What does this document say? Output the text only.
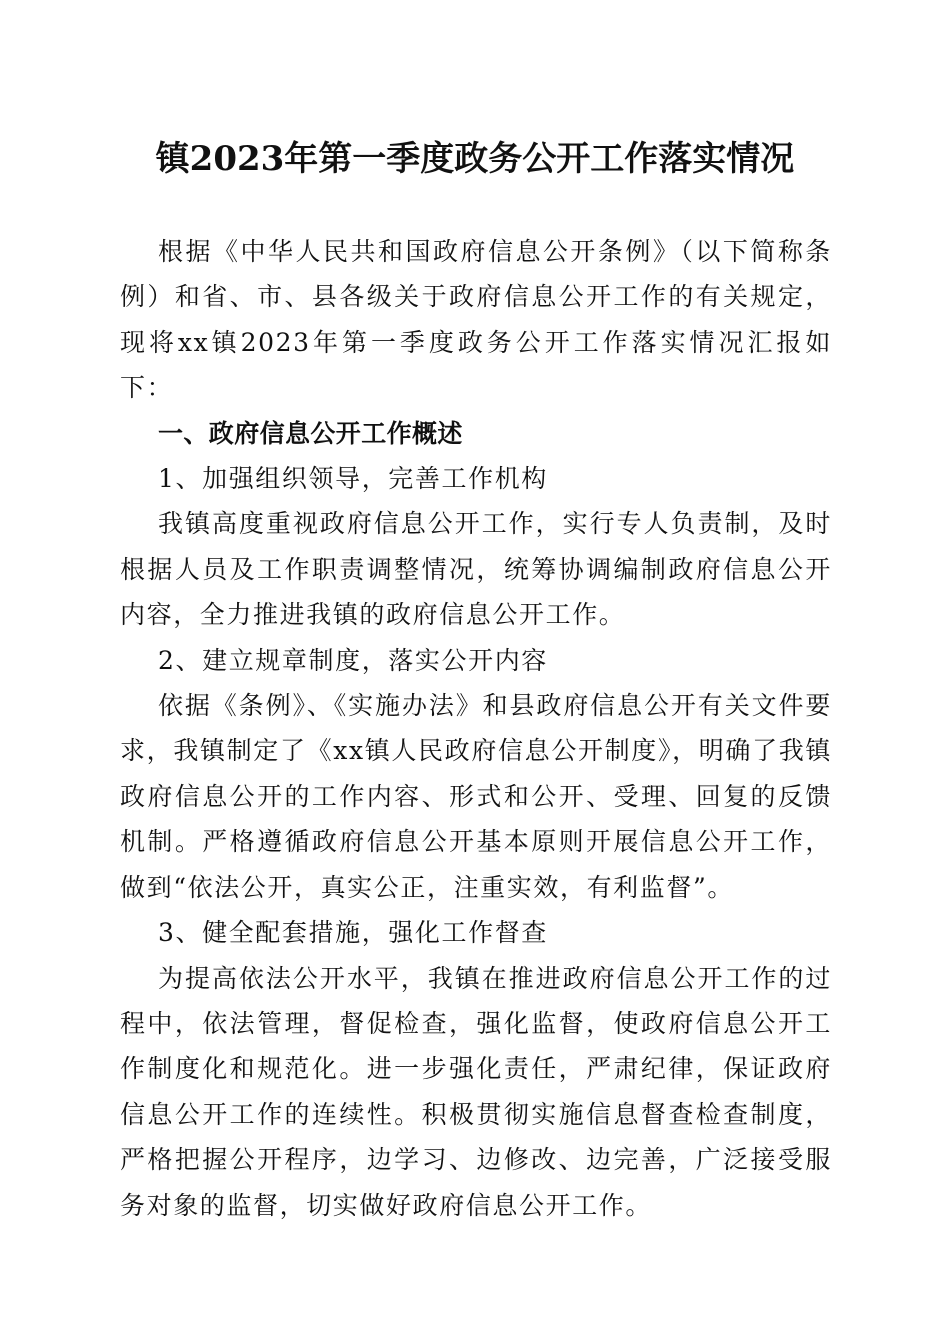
镇2023年第一季度政务公开工作落实情况

根据《中华人民共和国政府信息公开条例》（以下简称条例）和省、市、县各级关于政府信息公开工作的有关规定，现将xx镇2023年第一季度政务公开工作落实情况汇报如下：

一、政府信息公开工作概述

1、加强组织领导，完善工作机构

我镇高度重视政府信息公开工作，实行专人负责制，及时根据人员及工作职责调整情况，统筹协调编制政府信息公开内容，全力推进我镇的政府信息公开工作。

2、建立规章制度，落实公开内容

依据《条例》、《实施办法》和县政府信息公开有关文件要求，我镇制定了《xx镇人民政府信息公开制度》，明确了我镇政府信息公开的工作内容、形式和公开、受理、回复的反馈机制。严格遵循政府信息公开基本原则开展信息公开工作，做到“依法公开，真实公正，注重实效，有利监督”。

3、健全配套措施，强化工作督查

为提高依法公开水平，我镇在推进政府信息公开工作的过程中，依法管理，督促检查，强化监督，使政府信息公开工作制度化和规范化。进一步强化责任，严肃纪律，保证政府信息公开工作的连续性。积极贯彻实施信息督查检查制度，严格把握公开程序，边学习、边修改、边完善，广泛接受服务对象的监督，切实做好政府信息公开工作。
